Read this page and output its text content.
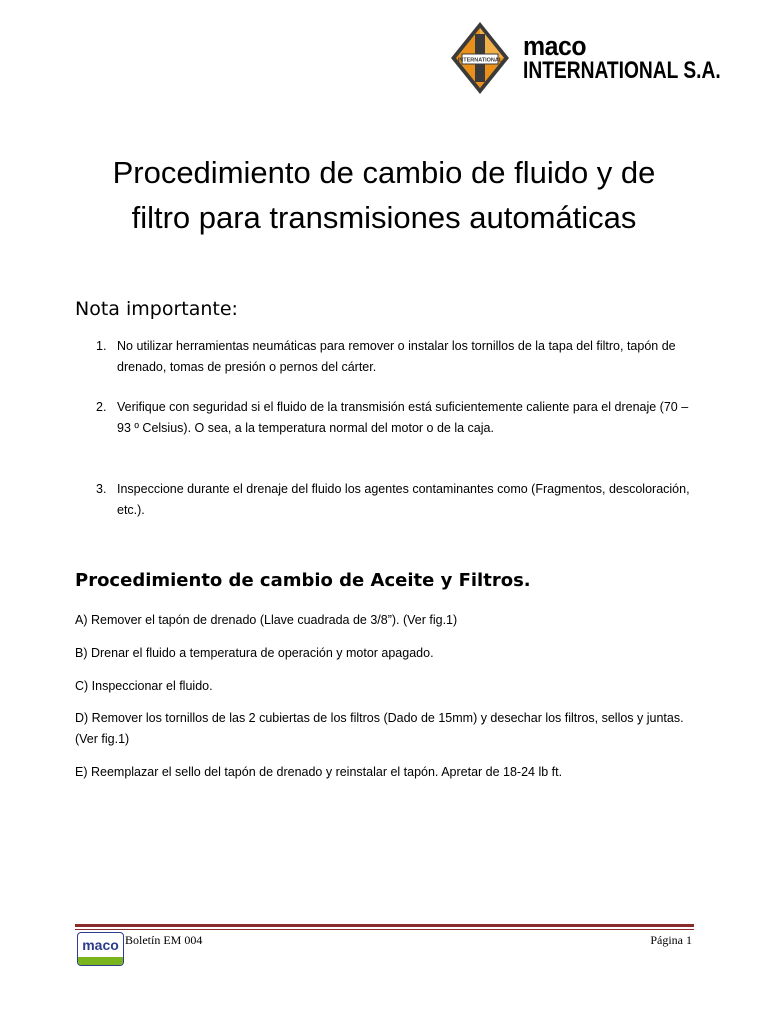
INTERNATIONAL maco
INTERNATIONAL S.A.
Procedimiento de cambio de fluido y de
filtro para transmisiones automáticas
Nota importante:
1. No utilizar herramientas neumáticas para remover o instalar los tornillos de la tapa del filtro, tapón de drenado, tomas de presión o pernos del cárter.
2. Verifique con seguridad si el fluido de la transmisión está suficientemente caliente para el drenaje (70 – 93 º Celsius). O sea, a la temperatura normal del motor o de la caja.
3. Inspeccione durante el drenaje del fluido los agentes contaminantes como (Fragmentos, descoloración, etc.).
Procedimiento de cambio de Aceite y Filtros.

A) Remover el tapón de drenado (Llave cuadrada de 3/8”). (Ver fig.1)

B) Drenar el fluido a temperatura de operación y motor apagado.

C) Inspeccionar el fluido.

D) Remover los tornillos de las 2 cubiertas de los filtros (Dado de 15mm) y desechar los filtros, sellos y juntas. (Ver fig.1)

E) Reemplazar el sello del tapón de drenado y reinstalar el tapón. Apretar de 18-24 lb ft.

maco Boletín EM 004	Página 1
